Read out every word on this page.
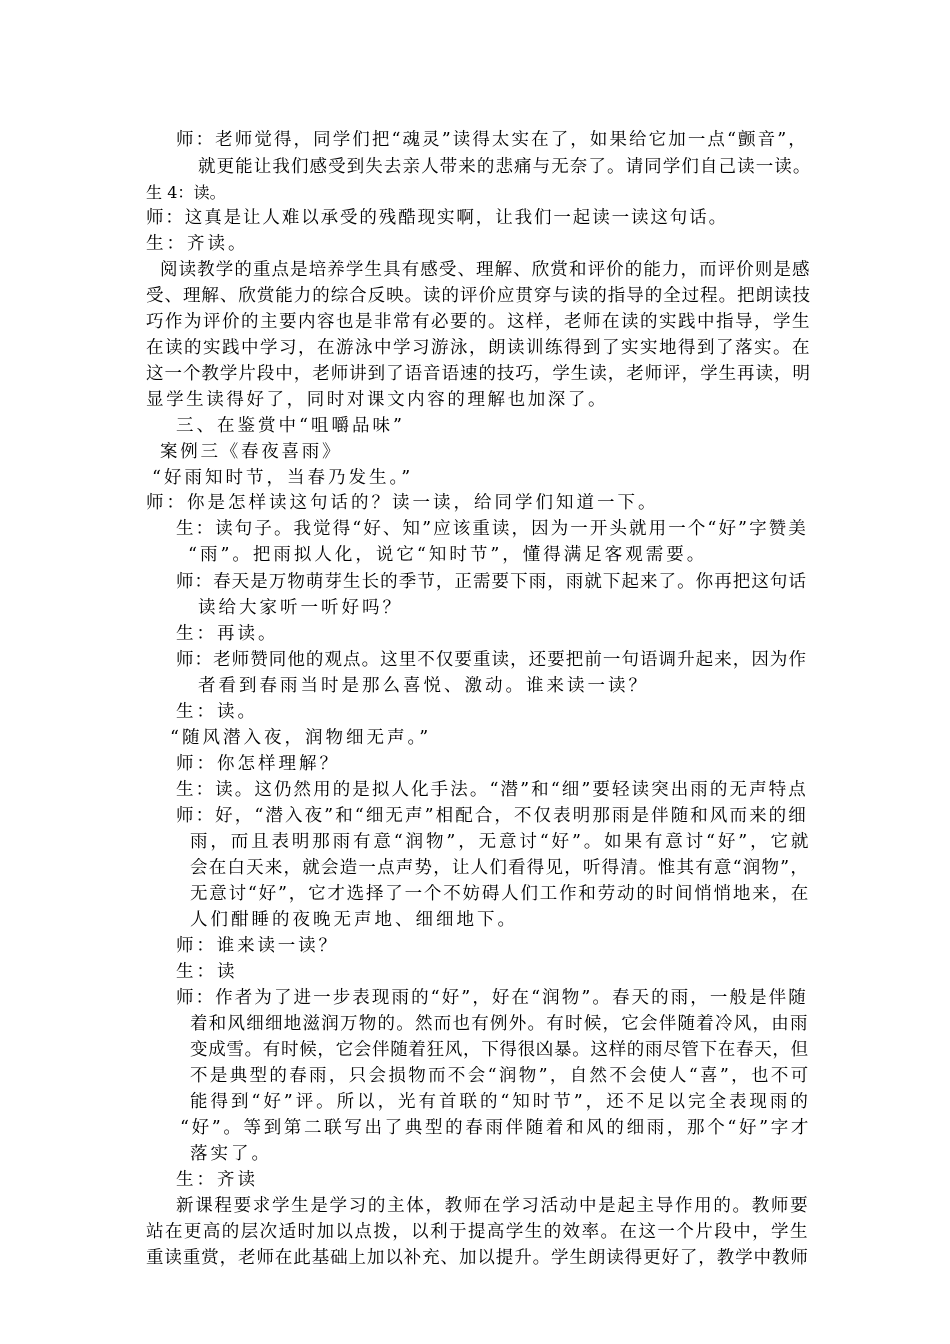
师：老师觉得，同学们把“魂灵”读得太实在了，如果给它加一点“颤音”，
就更能让我们感受到失去亲人带来的悲痛与无奈了。请同学们自己读一读。
生 4：读。
师：这真是让人难以承受的残酷现实啊，让我们一起读一读这句话。
生：齐读。
阅读教学的重点是培养学生具有感受、理解、欣赏和评价的能力，而评价则是感
受、理解、欣赏能力的综合反映。读的评价应贯穿与读的指导的全过程。把朗读技
巧作为评价的主要内容也是非常有必要的。这样，老师在读的实践中指导，学生
在读的实践中学习，在游泳中学习游泳，朗读训练得到了实实地得到了落实。在
这一个教学片段中，老师讲到了语音语速的技巧，学生读，老师评，学生再读，明
显学生读得好了，同时对课文内容的理解也加深了。
三、在鉴赏中“咀嚼品味”
案例三《春夜喜雨》
“好雨知时节，当春乃发生。”
师：你是怎样读这句话的？读一读，给同学们知道一下。
生：读句子。我觉得“好、知”应该重读，因为一开头就用一个“好”字赞美
“雨”。把雨拟人化，说它“知时节”，懂得满足客观需要。
师：春天是万物萌芽生长的季节，正需要下雨，雨就下起来了。你再把这句话
读给大家听一听好吗？
生：再读。
师：老师赞同他的观点。这里不仅要重读，还要把前一句语调升起来，因为作
者看到春雨当时是那么喜悦、激动。谁来读一读？
生：读。
“随风潜入夜，润物细无声。”
师：你怎样理解？
生：读。这仍然用的是拟人化手法。“潜”和“细”要轻读突出雨的无声特点
师：好，“潜入夜”和“细无声”相配合，不仅表明那雨是伴随和风而来的细
雨，而且表明那雨有意“润物”，无意讨“好”。如果有意讨“好”，它就
会在白天来，就会造一点声势，让人们看得见，听得清。惟其有意“润物”，
无意讨“好”，它才选择了一个不妨碍人们工作和劳动的时间悄悄地来，在
人们酣睡的夜晚无声地、细细地下。
师：谁来读一读？
生：读
师：作者为了进一步表现雨的“好”，好在“润物”。春天的雨，一般是伴随
着和风细细地滋润万物的。然而也有例外。有时候，它会伴随着冷风，由雨
变成雪。有时候，它会伴随着狂风，下得很凶暴。这样的雨尽管下在春天，但
不是典型的春雨，只会损物而不会“润物”，自然不会使人“喜”，也不可
能得到“好”评。所以，光有首联的“知时节”，还不足以完全表现雨的
“好”。等到第二联写出了典型的春雨伴随着和风的细雨，那个“好”字才
落实了。
生：齐读
新课程要求学生是学习的主体，教师在学习活动中是起主导作用的。教师要
站在更高的层次适时加以点拨，以利于提高学生的效率。在这一个片段中，学生
重读重赏，老师在此基础上加以补充、加以提升。学生朗读得更好了，教学中教师
